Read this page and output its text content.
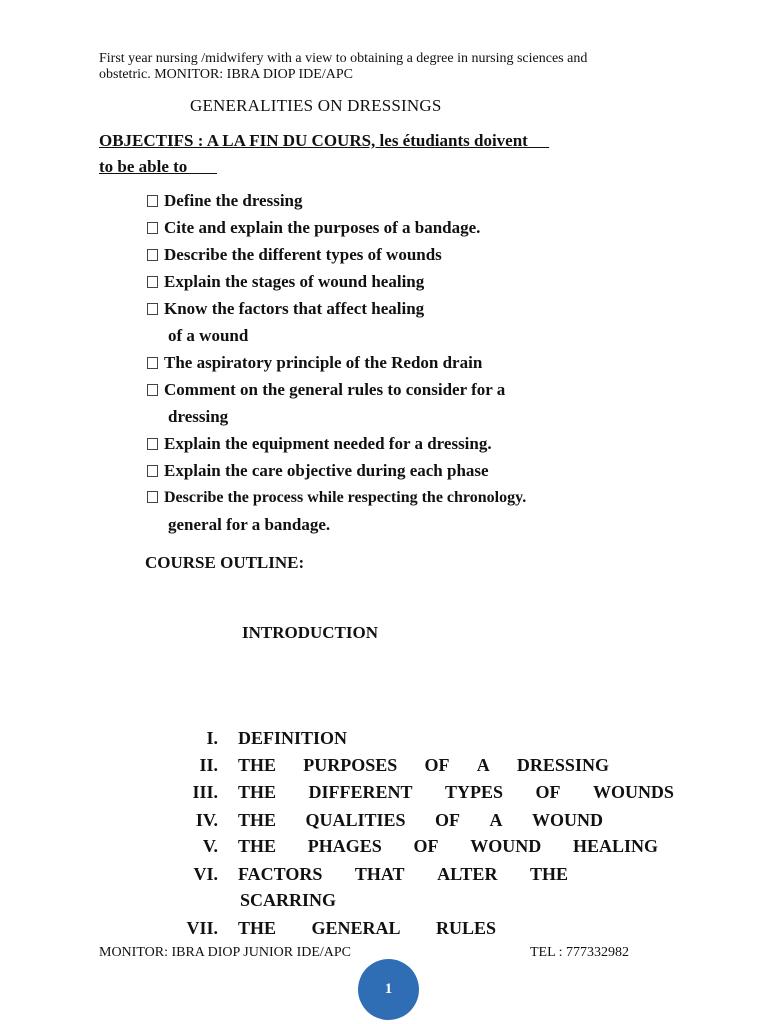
First year nursing /midwifery with a view to obtaining a degree in nursing sciences and
obstetric. MONITOR: IBRA DIOP IDE/APC
GENERALITIES ON DRESSINGS
OBJECTIFS : A LA FIN DU COURS, les étudiants doivent
to be able to
Define the dressing
Cite and explain the purposes of a bandage.
Describe the different types of wounds
Explain the stages of wound healing
Know the factors that affect healing
of a wound
The aspiratory principle of the Redon drain
Comment on the general rules to consider for a
dressing
Explain the equipment needed for a dressing.
Explain the care objective during each phase
Describe the process while respecting the chronology.
general for a bandage.
COURSE OUTLINE:
INTRODUCTION
I. DEFINITION
II. THE PURPOSES OF A DRESSING
III. THE DIFFERENT TYPES OF WOUNDS
IV. THE QUALITIES OF A WOUND
V. THE PHAGES OF WOUND HEALING
VI. FACTORS THAT ALTER THE
SCARRING
VII. THE GENERAL RULES
MONITOR: IBRA DIOP JUNIOR IDE/APC	TEL : 777332982
1
